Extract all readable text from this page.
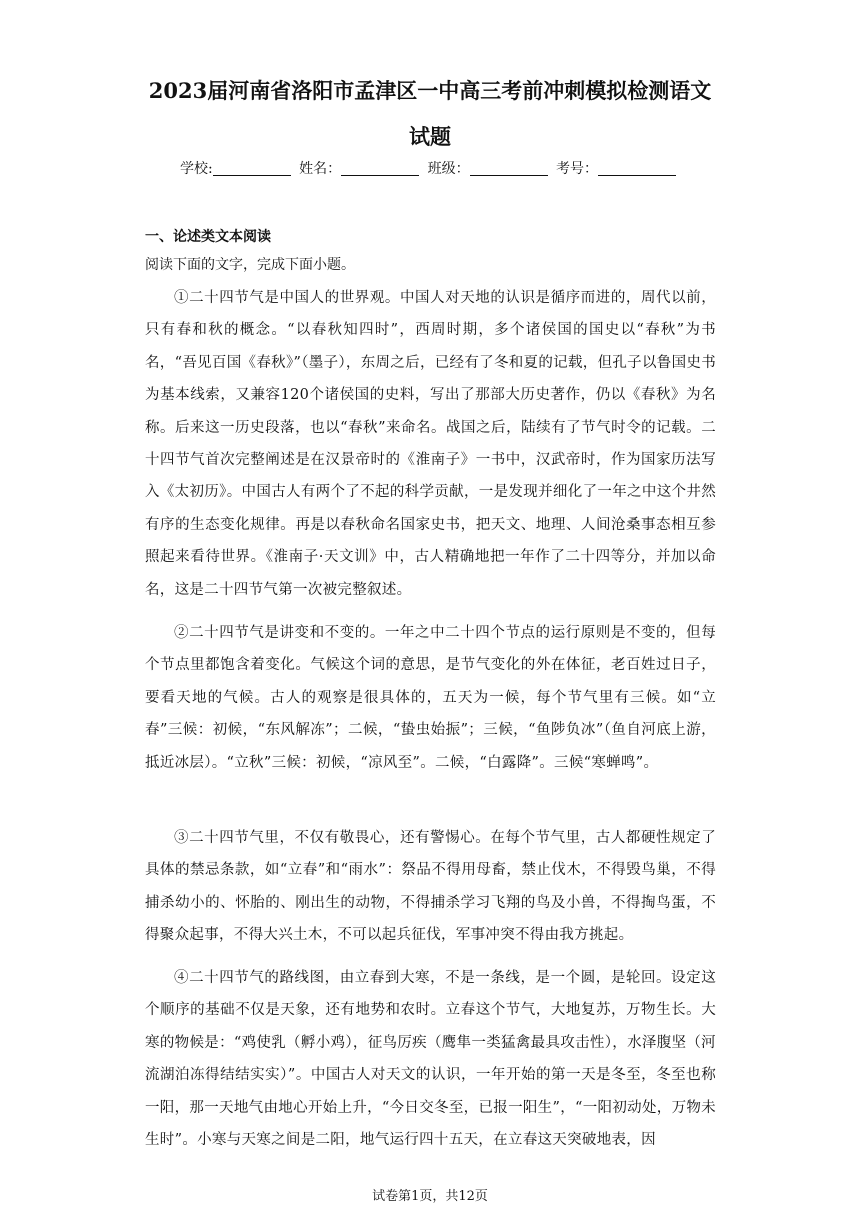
2023届河南省洛阳市孟津区一中高三考前冲刺模拟检测语文
试题
学校:	姓名：	班级：	考号：
一、论述类文本阅读
阅读下面的文字，完成下面小题。
①二十四节气是中国人的世界观。中国人对天地的认识是循序而进的，周代以前，只有春和秋的概念。“以春秋知四时”，西周时期，多个诸侯国的国史以“春秋”为书名，“吾见百国《春秋》”（墨子），东周之后，已经有了冬和夏的记载，但孔子以鲁国史书为基本线索，又兼容120个诸侯国的史料，写出了那部大历史著作，仍以《春秋》为名称。后来这一历史段落，也以“春秋”来命名。战国之后，陆续有了节气时令的记载。二十四节气首次完整阐述是在汉景帝时的《淮南子》一书中，汉武帝时，作为国家历法写入《太初历》。中国古人有两个了不起的科学贡献，一是发现并细化了一年之中这个井然有序的生态变化规律。再是以春秋命名国家史书，把天文、地理、人间沧桑事态相互参照起来看待世界。《淮南子·天文训》中，古人精确地把一年作了二十四等分，并加以命名，这是二十四节气第一次被完整叙述。
②二十四节气是讲变和不变的。一年之中二十四个节点的运行原则是不变的，但每个节点里都饱含着变化。气候这个词的意思，是节气变化的外在体征，老百姓过日子，要看天地的气候。古人的观察是很具体的，五天为一候，每个节气里有三候。如“立春”三候：初候，“东风解冻”；二候，“蛰虫始振”；三候，“鱼陟负冰”（鱼自河底上游，抵近冰层）。“立秋”三候：初候，“凉风至”。二候，“白露降”。三候“寒蝉鸣”。
③二十四节气里，不仅有敬畏心，还有警惕心。在每个节气里，古人都硬性规定了具体的禁忌条款，如“立春”和“雨水”：祭品不得用母畜，禁止伐木，不得毁鸟巢，不得捕杀幼小的、怀胎的、刚出生的动物，不得捕杀学习飞翔的鸟及小兽，不得掏鸟蛋，不得聚众起事，不得大兴土木，不可以起兵征伐，军事冲突不得由我方挑起。
④二十四节气的路线图，由立春到大寒，不是一条线，是一个圆，是轮回。设定这个顺序的基础不仅是天象，还有地势和农时。立春这个节气，大地复苏，万物生长。大寒的物候是：“鸡使乳（孵小鸡），征鸟厉疾（鹰隼一类猛禽最具攻击性），水泽腹坚（河流湖泊冻得结结实实）”。中国古人对天文的认识，一年开始的第一天是冬至，冬至也称一阳，那一天地气由地心开始上升，“今日交冬至，已报一阳生”，“一阳初动处，万物未生时”。小寒与天寒之间是二阳，地气运行四十五天，在立春这天突破地表，因
试卷第1页，共12页
